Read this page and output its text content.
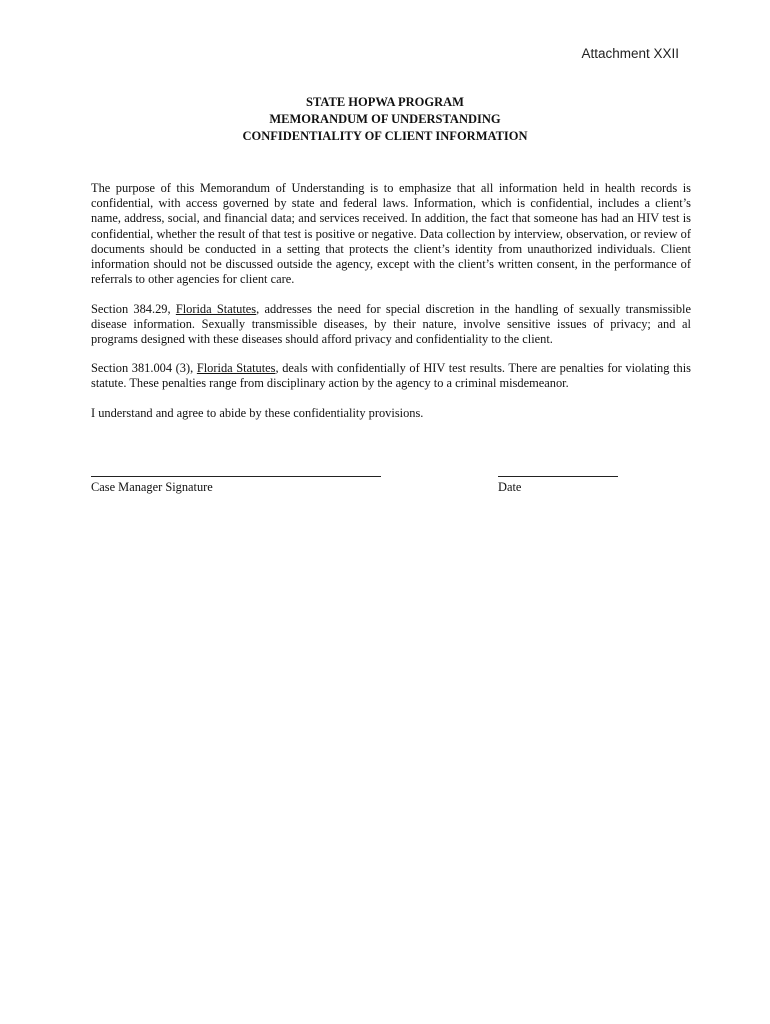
Attachment XXII
STATE HOPWA PROGRAM
MEMORANDUM OF UNDERSTANDING
CONFIDENTIALITY OF CLIENT INFORMATION

The purpose of this Memorandum of Understanding is to emphasize that all information held in health records is confidential, with access governed by state and federal laws. Information, which is confidential, includes a client’s name, address, social, and financial data; and services received. In addition, the fact that someone has had an HIV test is confidential, whether the result of that test is positive or negative. Data collection by interview, observation, or review of documents should be conducted in a setting that protects the client’s identity from unauthorized individuals. Client information should not be discussed outside the agency, except with the client’s written consent, in the performance of referrals to other agencies for client care.

Section 384.29, Florida Statutes, addresses the need for special discretion in the handling of sexually transmissible disease information. Sexually transmissible diseases, by their nature, involve sensitive issues of privacy; and al programs designed with these diseases should afford privacy and confidentiality to the client.

Section 381.004 (3), Florida Statutes, deals with confidentially of HIV test results. There are penalties for violating this statute. These penalties range from disciplinary action by the agency to a criminal misdemeanor.

I understand and agree to abide by these confidentiality provisions.

Case Manager Signature	Date
